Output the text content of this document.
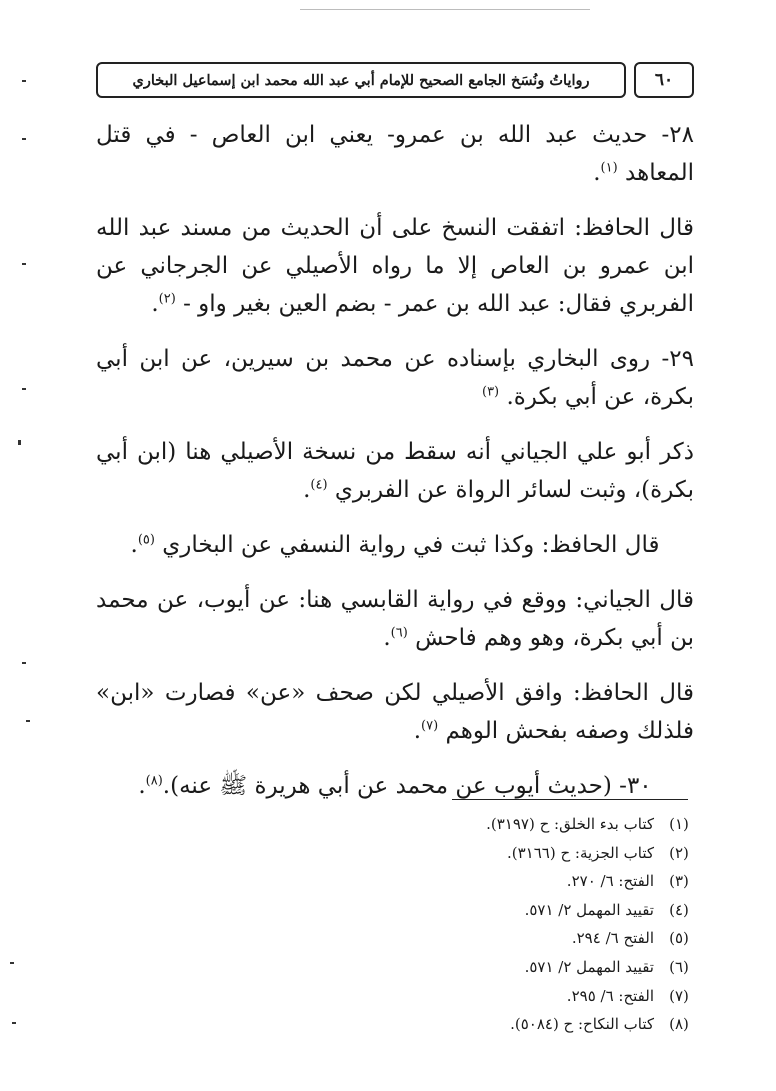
رواياتُ ونُسَخ الجامع الصحيح للإمام أبي عبد الله محمد ابن إسماعيل البخاري	٦٠

٢٨- حديث عبد الله بن عمرو- يعني ابن العاص - في قتل المعاهد $^{(١)}$.

قال الحافظ: اتفقت النسخ على أن الحديث من مسند عبد الله ابن عمرو بن العاص إلا ما رواه الأصيلي عن الجرجاني عن الفربري فقال: عبد الله بن عمر - بضم العين بغير واو - $^{(٢)}$.

٢٩- روى البخاري بإسناده عن محمد بن سيرين، عن ابن أبي بكرة، عن أبي بكرة. $^{(٣)}$

ذكر أبو علي الجياني أنه سقط من نسخة الأصيلي هنا (ابن أبي بكرة)، وثبت لسائر الرواة عن الفربري $^{(٤)}$.

قال الحافظ: وكذا ثبت في رواية النسفي عن البخاري $^{(٥)}$.

قال الجياني: ووقع في رواية القابسي هنا: عن أيوب، عن محمد بن أبي بكرة، وهو وهم فاحش $^{(٦)}$.

قال الحافظ: وافق الأصيلي لكن صحف «عن» فصارت «ابن» فلذلك وصفه بفحش الوهم $^{(٧)}$.

٣٠- (حديث أيوب عن محمد عن أبي هريرة ﷺ عنه).$^{(٨)}$.

(١)
كتاب بدء الخلق: ح (٣١٩٧).
(٢)
كتاب الجزية: ح (٣١٦٦).
(٣)
الفتح: ٦/ ٢٧٠.
(٤)
تقييد المهمل ٢/ ٥٧١.
(٥)
الفتح ٦/ ٢٩٤.
(٦)
تقييد المهمل ٢/ ٥٧١.
(٧)
الفتح: ٦/ ٢٩٥.
(٨)
كتاب النكاح: ح (٥٠٨٤).
